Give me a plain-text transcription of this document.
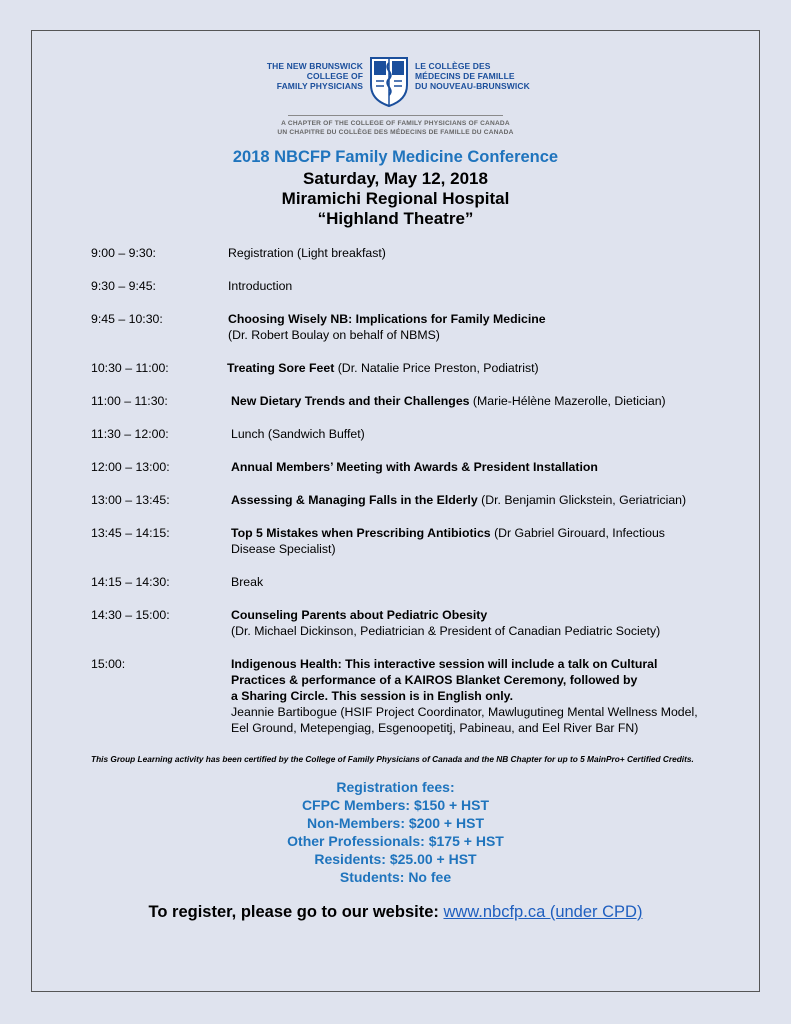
THE NEW BRUNSWICK
COLLEGE OF
FAMILY PHYSICIANS
LE COLLÈGE DES
MÉDECINS DE FAMILLE
DU NOUVEAU-BRUNSWICK
A CHAPTER OF THE COLLEGE OF FAMILY PHYSICIANS OF CANADA
UN CHAPITRE DU COLLÈGE DES MÉDECINS DE FAMILLE DU CANADA
2018 NBCFP Family Medicine Conference
Saturday, May 12, 2018
Miramichi Regional Hospital
“Highland Theatre”
9:00 – 9:30:	Registration (Light breakfast)
9:30 – 9:45:	Introduction
9:45 – 10:30:	Choosing Wisely NB: Implications for Family Medicine
(Dr. Robert Boulay on behalf of NBMS)
10:30 – 11:00:	Treating Sore Feet (Dr. Natalie Price Preston, Podiatrist)
11:00 – 11:30:	New Dietary Trends and their Challenges (Marie-Hélène Mazerolle, Dietician)
11:30 – 12:00:	Lunch (Sandwich Buffet)
12:00 – 13:00:	Annual Members’ Meeting with Awards & President Installation
13:00 – 13:45:	Assessing & Managing Falls in the Elderly (Dr. Benjamin Glickstein, Geriatrician)
13:45 – 14:15:	Top 5 Mistakes when Prescribing Antibiotics (Dr Gabriel Girouard, Infectious
Disease Specialist)
14:15 – 14:30:	Break
14:30 – 15:00:	Counseling Parents about Pediatric Obesity
(Dr. Michael Dickinson, Pediatrician & President of Canadian Pediatric Society)
15:00:	Indigenous Health: This interactive session will include a talk on Cultural
Practices & performance of a KAIROS Blanket Ceremony, followed by
a Sharing Circle. This session is in English only.
Jeannie Bartibogue (HSIF Project Coordinator, Mawlugutineg Mental Wellness Model,
Eel Ground, Metepengiag, Esgenoopetitj, Pabineau, and Eel River Bar FN)
This Group Learning activity has been certified by the College of Family Physicians of Canada and the NB Chapter for up to 5 MainPro+ Certified Credits.
Registration fees:
CFPC Members: $150 + HST
Non-Members: $200 + HST
Other Professionals: $175 + HST
Residents: $25.00 + HST
Students: No fee
To register, please go to our website: www.nbcfp.ca (under CPD)
